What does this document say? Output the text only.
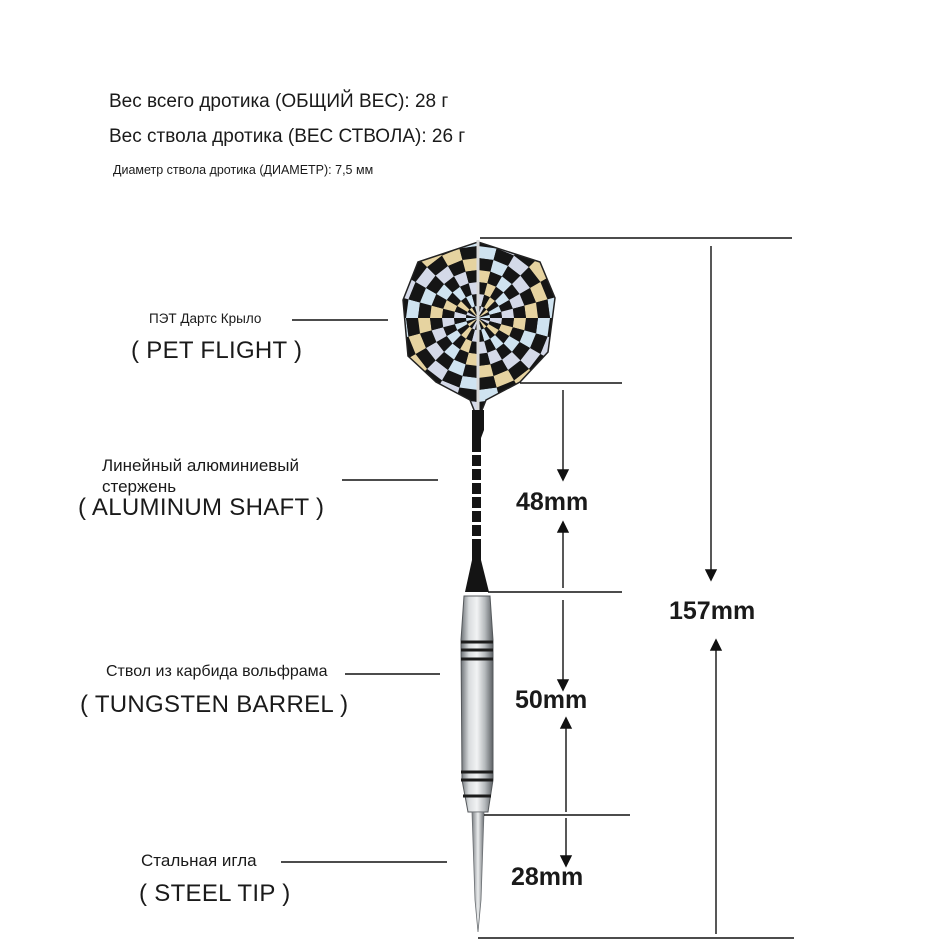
Вес всего дротика (ОБЩИЙ ВЕС): 28 г
Вес ствола дротика (ВЕС СТВОЛА): 26 г
Диаметр ствола дротика (ДИАМЕТР): 7,5 мм
ПЭТ Дартс Крыло
( PET FLIGHT )
Линейный алюминиевый стержень
( ALUMINUM SHAFT )
Ствол из карбида вольфрама
( TUNGSTEN BARREL )
Стальная игла
( STEEL TIP )
48mm
50mm
28mm
157mm
